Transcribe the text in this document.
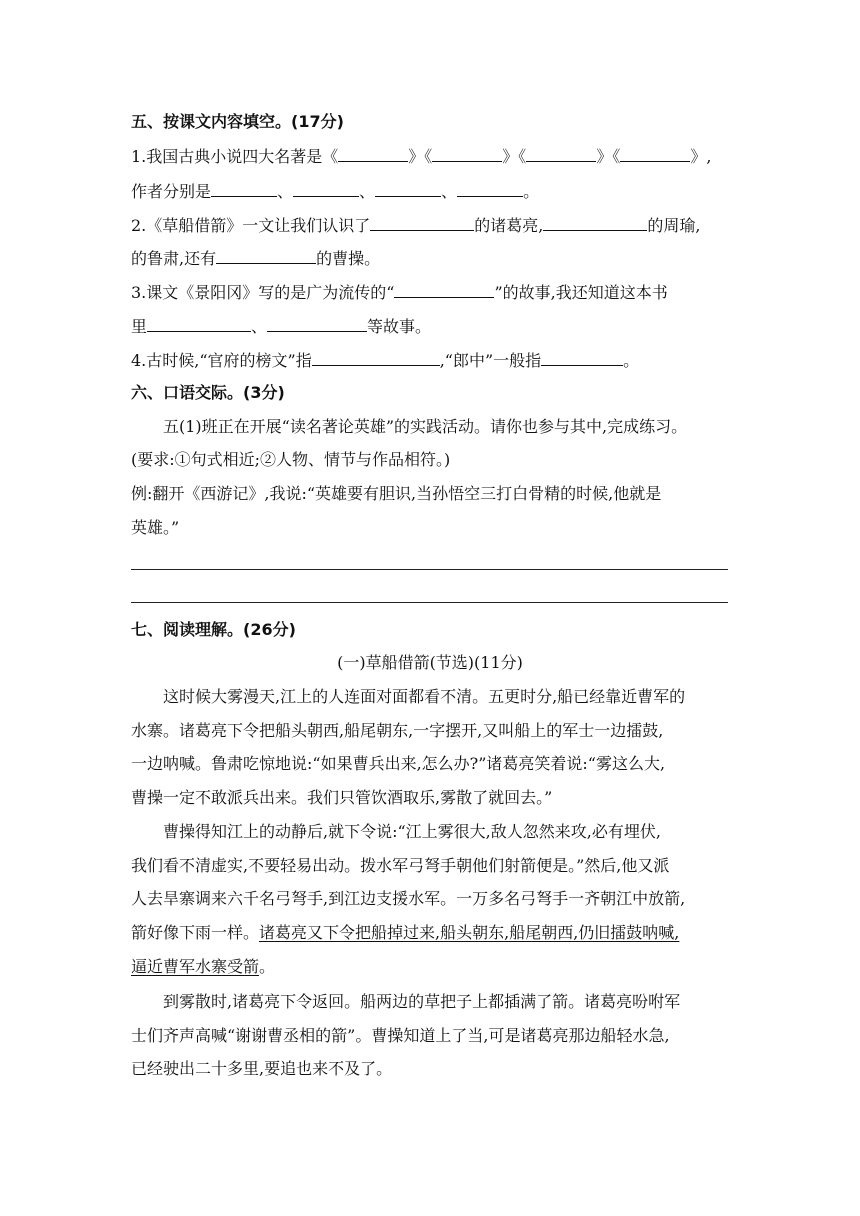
五、按课文内容填空。(17分)
1.我国古典小说四大名著是《	》《	》《	》《	》,
作者分别是	、	、	、	。
2.《草船借箭》一文让我们认识了	的诸葛亮,	的周瑜,
的鲁肃,还有	的曹操。
3.课文《景阳冈》写的是广为流传的“	”的故事,我还知道这本书
里	、	等故事。
4.古时候,“官府的榜文”指	,“郎中”一般指	。
六、口语交际。(3分)
五(1)班正在开展“读名著论英雄”的实践活动。请你也参与其中,完成练习。
(要求:①句式相近;②人物、情节与作品相符。)
例:翻开《西游记》,我说:“英雄要有胆识,当孙悟空三打白骨精的时候,他就是
英雄。”
七、阅读理解。(26分)
(一)草船借箭(节选)(11分)
这时候大雾漫天,江上的人连面对面都看不清。五更时分,船已经靠近曹军的
水寨。诸葛亮下令把船头朝西,船尾朝东,一字摆开,又叫船上的军士一边擂鼓,
一边呐喊。鲁肃吃惊地说:“如果曹兵出来,怎么办?”诸葛亮笑着说:“雾这么大,
曹操一定不敢派兵出来。我们只管饮酒取乐,雾散了就回去。”
曹操得知江上的动静后,就下令说:“江上雾很大,敌人忽然来攻,必有埋伏,
我们看不清虚实,不要轻易出动。拨水军弓弩手朝他们射箭便是。”然后,他又派
人去旱寨调来六千名弓弩手,到江边支援水军。一万多名弓弩手一齐朝江中放箭,
箭好像下雨一样。诸葛亮又下令把船掉过来,船头朝东,船尾朝西,仍旧擂鼓呐喊,
逼近曹军水寨受箭。
到雾散时,诸葛亮下令返回。船两边的草把子上都插满了箭。诸葛亮吩咐军
士们齐声高喊“谢谢曹丞相的箭”。曹操知道上了当,可是诸葛亮那边船轻水急,
已经驶出二十多里,要追也来不及了。
